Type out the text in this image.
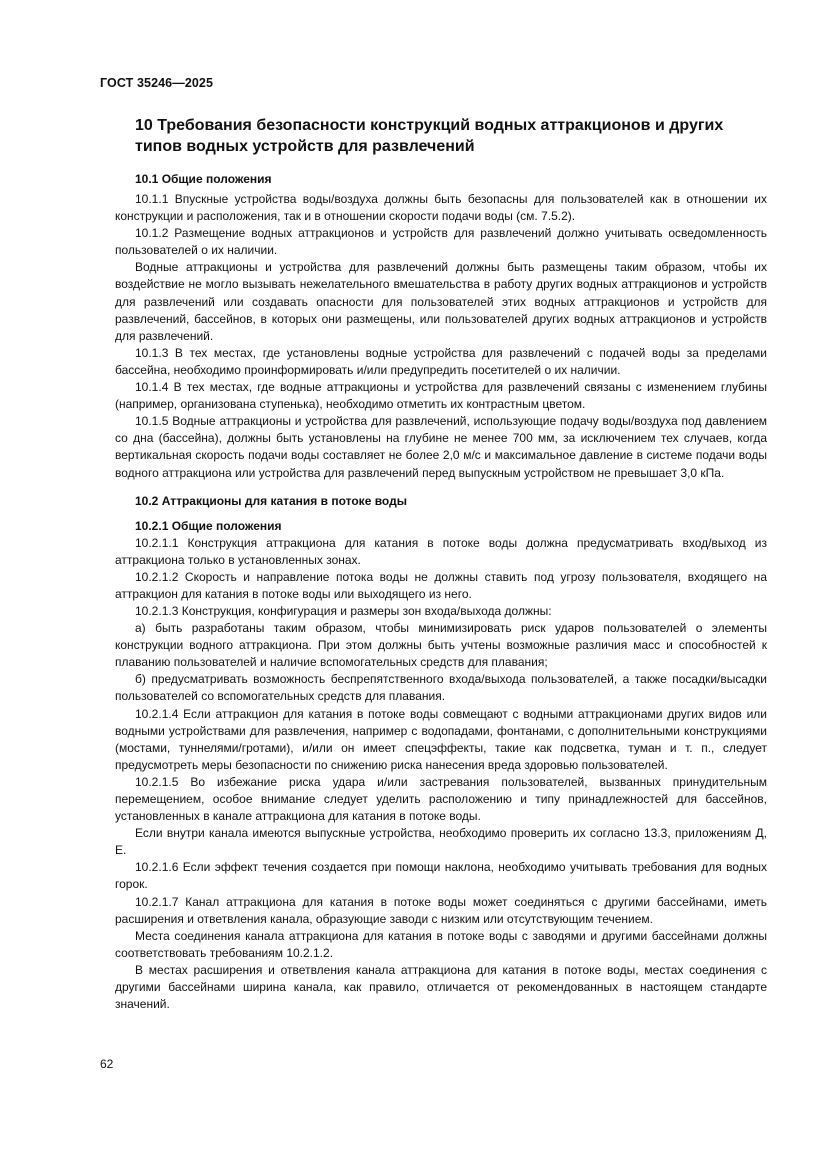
ГОСТ 35246—2025
10 Требования безопасности конструкций водных аттракционов и других типов водных устройств для развлечений
10.1 Общие положения

10.1.1 Впускные устройства воды/воздуха должны быть безопасны для пользователей как в отношении их конструкции и расположения, так и в отношении скорости подачи воды (см. 7.5.2).

10.1.2 Размещение водных аттракционов и устройств для развлечений должно учитывать осведомленность пользователей о их наличии.

Водные аттракционы и устройства для развлечений должны быть размещены таким образом, чтобы их воздействие не могло вызывать нежелательного вмешательства в работу других водных аттракционов и устройств для развлечений или создавать опасности для пользователей этих водных аттракционов и устройств для развлечений, бассейнов, в которых они размещены, или пользователей других водных аттракционов и устройств для развлечений.

10.1.3 В тех местах, где установлены водные устройства для развлечений с подачей воды за пределами бассейна, необходимо проинформировать и/или предупредить посетителей о их наличии.

10.1.4 В тех местах, где водные аттракционы и устройства для развлечений связаны с изменением глубины (например, организована ступенька), необходимо отметить их контрастным цветом.

10.1.5 Водные аттракционы и устройства для развлечений, использующие подачу воды/воздуха под давлением со дна (бассейна), должны быть установлены на глубине не менее 700 мм, за исключением тех случаев, когда вертикальная скорость подачи воды составляет не более 2,0 м/с и максимальное давление в системе подачи воды водного аттракциона или устройства для развлечений перед выпускным устройством не превышает 3,0 кПа.

10.2 Аттракционы для катания в потоке воды
10.2.1 Общие положения

10.2.1.1 Конструкция аттракциона для катания в потоке воды должна предусматривать вход/выход из аттракциона только в установленных зонах.

10.2.1.2 Скорость и направление потока воды не должны ставить под угрозу пользователя, входящего на аттракцион для катания в потоке воды или выходящего из него.

10.2.1.3 Конструкция, конфигурация и размеры зон входа/выхода должны:

а) быть разработаны таким образом, чтобы минимизировать риск ударов пользователей о элементы конструкции водного аттракциона. При этом должны быть учтены возможные различия масс и способностей к плаванию пользователей и наличие вспомогательных средств для плавания;

б) предусматривать возможность беспрепятственного входа/выхода пользователей, а также посадки/высадки пользователей со вспомогательных средств для плавания.

10.2.1.4 Если аттракцион для катания в потоке воды совмещают с водными аттракционами других видов или водными устройствами для развлечения, например с водопадами, фонтанами, с дополнительными конструкциями (мостами, туннелями/гротами), и/или он имеет спецэффекты, такие как подсветка, туман и т. п., следует предусмотреть меры безопасности по снижению риска нанесения вреда здоровью пользователей.

10.2.1.5 Во избежание риска удара и/или застревания пользователей, вызванных принудительным перемещением, особое внимание следует уделить расположению и типу принадлежностей для бассейнов, установленных в канале аттракциона для катания в потоке воды.

Если внутри канала имеются выпускные устройства, необходимо проверить их согласно 13.3, приложениям Д, Е.

10.2.1.6 Если эффект течения создается при помощи наклона, необходимо учитывать требования для водных горок.

10.2.1.7 Канал аттракциона для катания в потоке воды может соединяться с другими бассейнами, иметь расширения и ответвления канала, образующие заводи с низким или отсутствующим течением.

Места соединения канала аттракциона для катания в потоке воды с заводями и другими бассейнами должны соответствовать требованиям 10.2.1.2.

В местах расширения и ответвления канала аттракциона для катания в потоке воды, местах соединения с другими бассейнами ширина канала, как правило, отличается от рекомендованных в настоящем стандарте значений.

62
